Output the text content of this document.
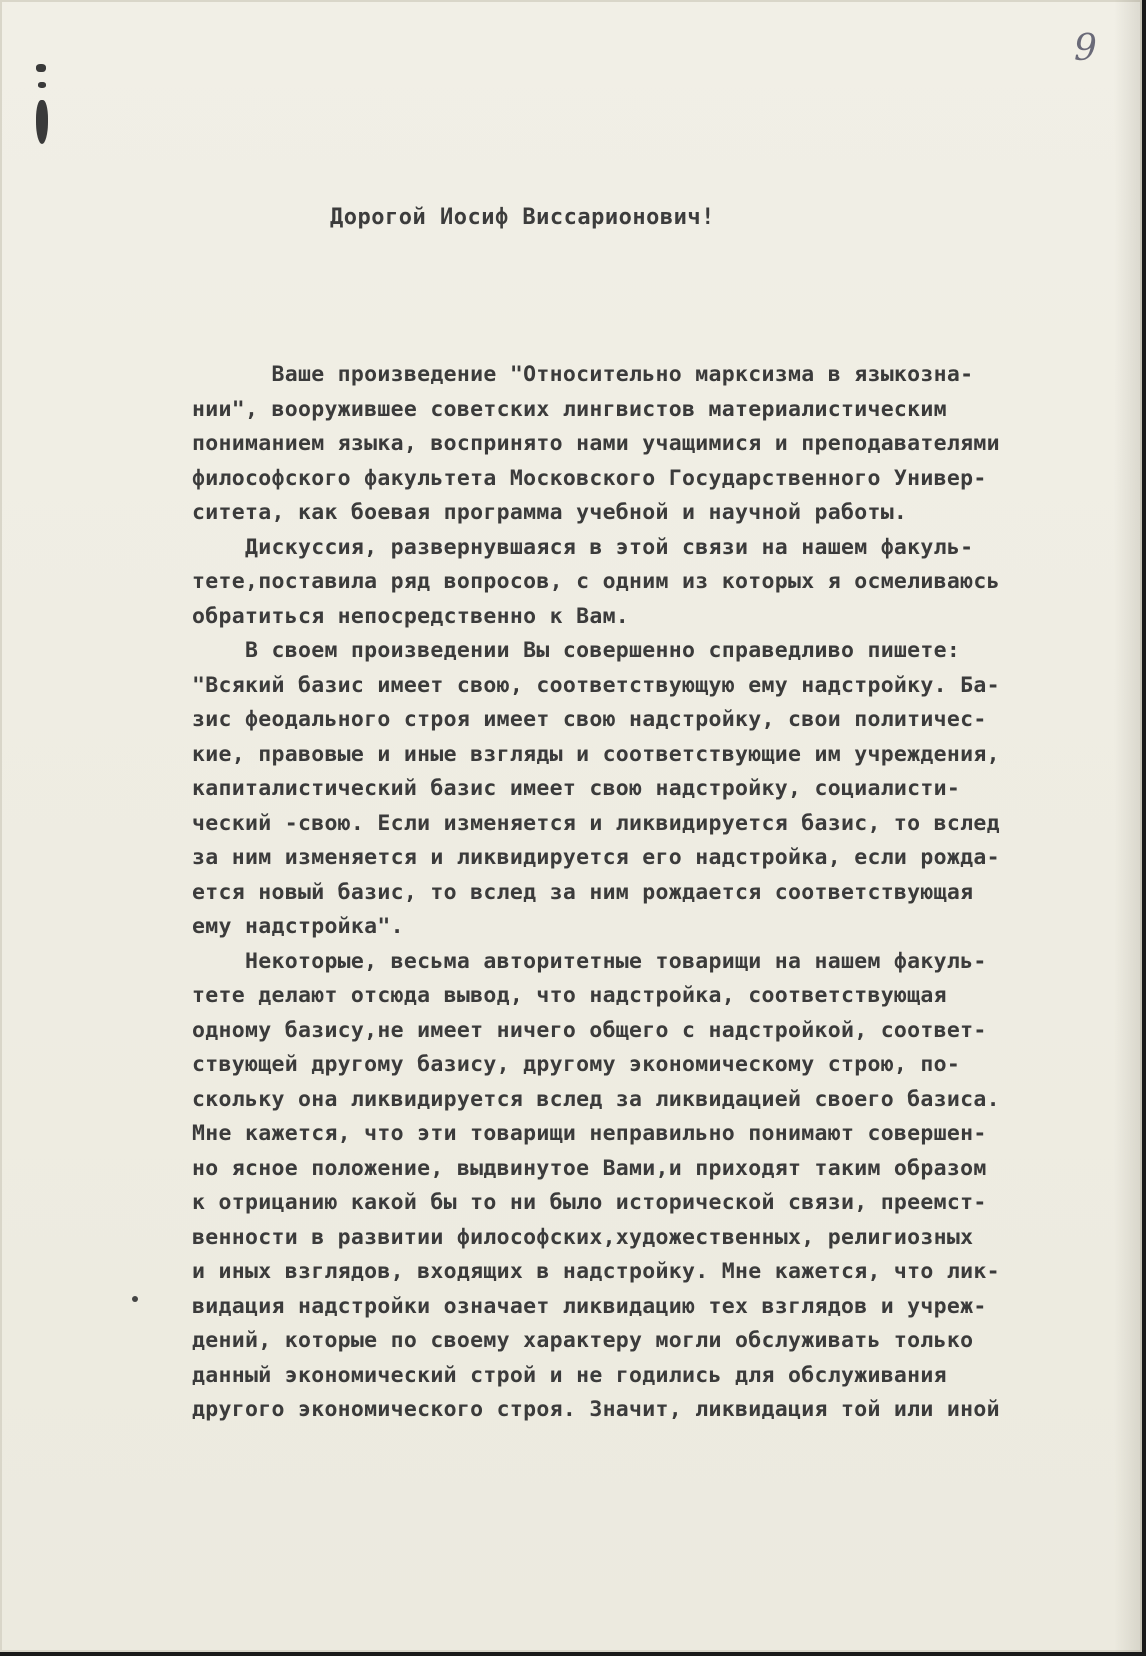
9
Дорогой Иосиф Виссарионович!
Ваше произведение "Относительно марксизма в языкозна-
нии", вооружившее советских лингвистов материалистическим
пониманием языка, воспринято нами учащимися и преподавателями
философского факультета Московского Государственного Универ-
ситета, как боевая программа учебной и научной работы.
Дискуссия, развернувшаяся в этой связи на нашем факуль-
тете,поставила ряд вопросов, с одним из которых я осмеливаюсь
обратиться непосредственно к Вам.
В своем произведении Вы совершенно справедливо пишете:
"Всякий базис имеет свою, соответствующую ему надстройку. Ба-
зис феодального строя имеет свою надстройку, свои политичес-
кие, правовые и иные взгляды и соответствующие им учреждения,
капиталистический базис имеет свою надстройку, социалисти-
ческий -свою. Если изменяется и ликвидируется базис, то вслед
за ним изменяется и ликвидируется его надстройка, если рожда-
ется новый базис, то вслед за ним рождается соответствующая
ему надстройка".
Некоторые, весьма авторитетные товарищи на нашем факуль-
тете делают отсюда вывод, что надстройка, соответствующая
одному базису,не имеет ничего общего с надстройкой, соответ-
ствующей другому базису, другому экономическому строю, по-
скольку она ликвидируется вслед за ликвидацией своего базиса.
Мне кажется, что эти товарищи неправильно понимают совершен-
но ясное положение, выдвинутое Вами,и приходят таким образом
к отрицанию какой бы то ни было исторической связи, преемст-
венности в развитии философских,художественных, религиозных
и иных взглядов, входящих в надстройку. Мне кажется, что лик-
видация надстройки означает ликвидацию тех взглядов и учреж-
дений, которые по своему характеру могли обслуживать только
данный экономический строй и не годились для обслуживания
другого экономического строя. Значит, ликвидация той или иной
